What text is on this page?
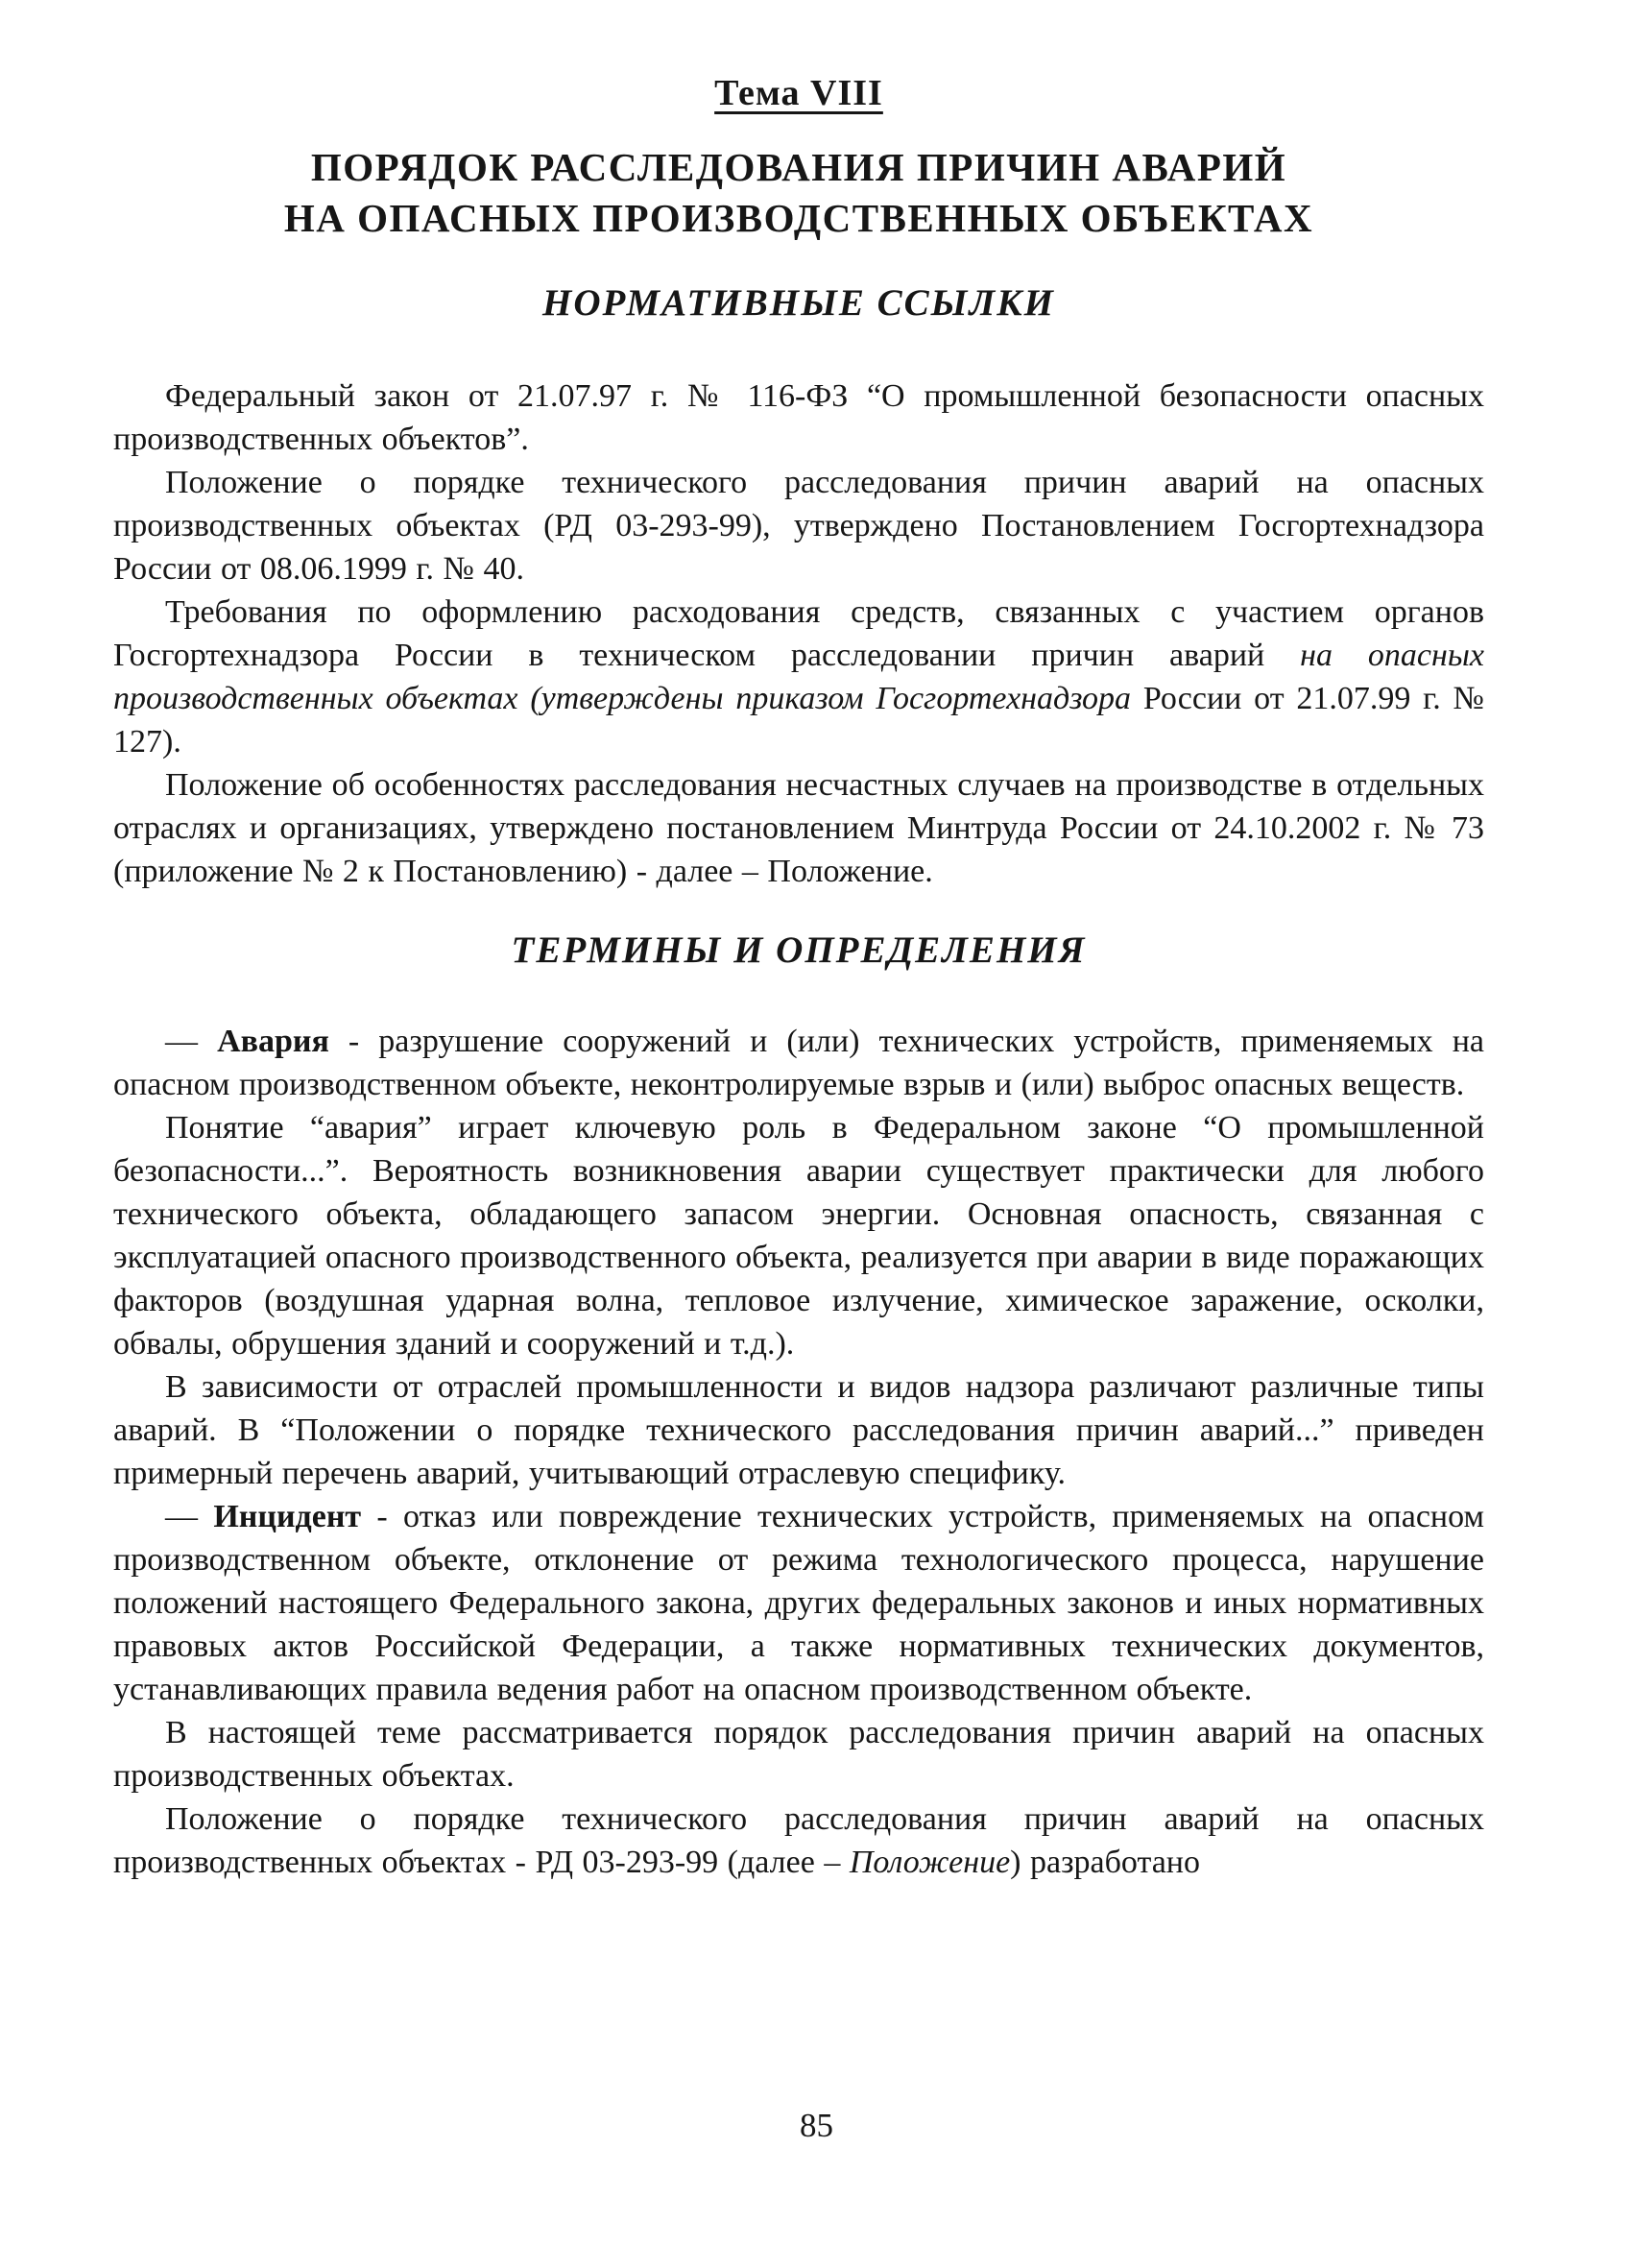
Тема VIII

ПОРЯДОК РАССЛЕДОВАНИЯ ПРИЧИН АВАРИЙ
НА ОПАСНЫХ ПРОИЗВОДСТВЕННЫХ ОБЪЕКТАХ
НОРМАТИВНЫЕ ССЫЛКИ

Федеральный закон от 21.07.97 г. № 116-ФЗ “О промышленной безопасности опасных производственных объектов”.

Положение о порядке технического расследования причин аварий на опасных производственных объектах (РД 03-293-99), утверждено Постановлением Госгортехнадзора России от 08.06.1999 г. № 40.

Требования по оформлению расходования средств, связанных с участием органов Госгортехнадзора России в техническом расследовании причин аварий на опасных производственных объектах (утверждены приказом Госгортехнадзора России от 21.07.99 г. № 127).

Положение об особенностях расследования несчастных случаев на производстве в отдельных отраслях и организациях, утверждено постановлением Минтруда России от 24.10.2002 г. № 73 (приложение № 2 к Постановлению) - далее – Положение.

ТЕРМИНЫ И ОПРЕДЕЛЕНИЯ

— Авария - разрушение сооружений и (или) технических устройств, применяемых на опасном производственном объекте, неконтролируемые взрыв и (или) выброс опасных веществ.

Понятие “авария” играет ключевую роль в Федеральном законе “О промышленной безопасности...”. Вероятность возникновения аварии существует практически для любого технического объекта, обладающего запасом энергии. Основная опасность, связанная с эксплуатацией опасного производственного объекта, реализуется при аварии в виде поражающих факторов (воздушная ударная волна, тепловое излучение, химическое заражение, осколки, обвалы, обрушения зданий и сооружений и т.д.).

В зависимости от отраслей промышленности и видов надзора различают различные типы аварий. В “Положении о порядке технического расследования причин аварий...” приведен примерный перечень аварий, учитывающий отраслевую специфику.

— Инцидент - отказ или повреждение технических устройств, применяемых на опасном производственном объекте, отклонение от режима технологического процесса, нарушение положений настоящего Федерального закона, других федеральных законов и иных нормативных правовых актов Российской Федерации, а также нормативных технических документов, устанавливающих правила ведения работ на опасном производственном объекте.

В настоящей теме рассматривается порядок расследования причин аварий на опасных производственных объектах.

Положение о порядке технического расследования причин аварий на опасных производственных объектах - РД 03-293-99 (далее – Положение) разработано

85
